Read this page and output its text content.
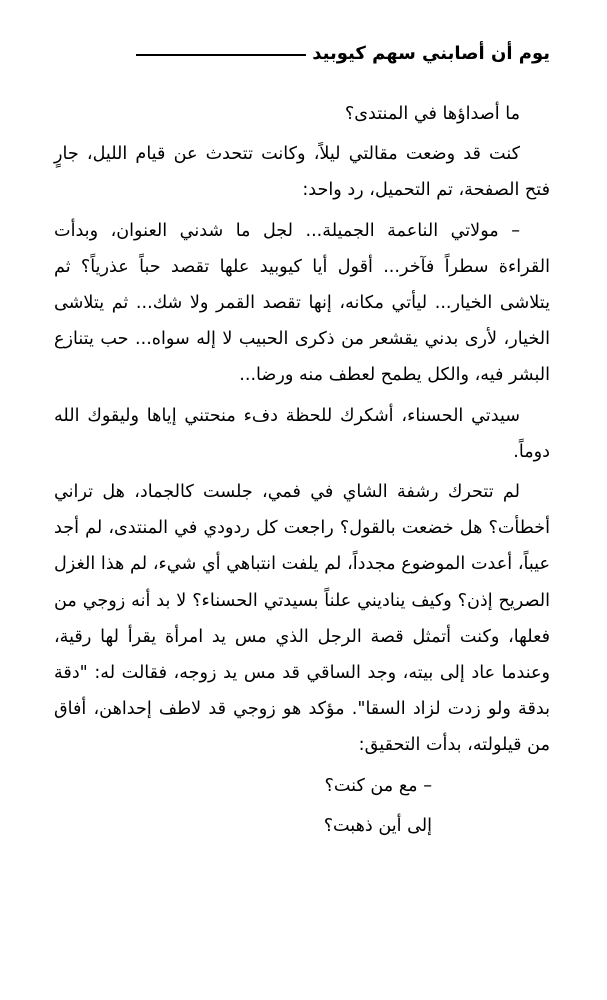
يوم أن أصابني سهم كيوبيد

ما أصداؤها في المنتدى؟

كنت قد وضعت مقالتي ليلاً، وكانت تتحدث عن قيام الليل، جارٍ فتح الصفحة، تم التحميل، رد واحد:

– مولاتي الناعمة الجميلة... لجل ما شدني العنوان، وبدأت القراءة سطراً فآخر... أقول أيا كيوبيد علها تقصد حباً عذرياً؟ ثم يتلاشى الخيار... ليأتي مكانه، إنها تقصد القمر ولا شك... ثم يتلاشى الخيار، لأرى بدني يقشعر من ذكرى الحبيب لا إله سواه... حب يتنازع البشر فيه، والكل يطمح لعطف منه ورضا...

سيدتي الحسناء، أشكرك للحظة دفء منحتني إياها وليقوك الله دوماً.

لم تتحرك رشفة الشاي في فمي، جلست كالجماد، هل تراني أخطأت؟ هل خضعت بالقول؟ راجعت كل ردودي في المنتدى، لم أجد عيباً، أعدت الموضوع مجدداً، لم يلفت انتباهي أي شيء، لم هذا الغزل الصريح إذن؟ وكيف يناديني علناً بسيدتي الحسناء؟ لا بد أنه زوجي من فعلها، وكنت أتمثل قصة الرجل الذي مس يد امرأة يقرأ لها رقية، وعندما عاد إلى بيته، وجد الساقي قد مس يد زوجه، فقالت له: "دقة بدقة ولو زدت لزاد السقا". مؤكد هو زوجي قد لاطف إحداهن، أفاق من قيلولته، بدأت التحقيق:

– مع من كنت؟

إلى أين ذهبت؟
